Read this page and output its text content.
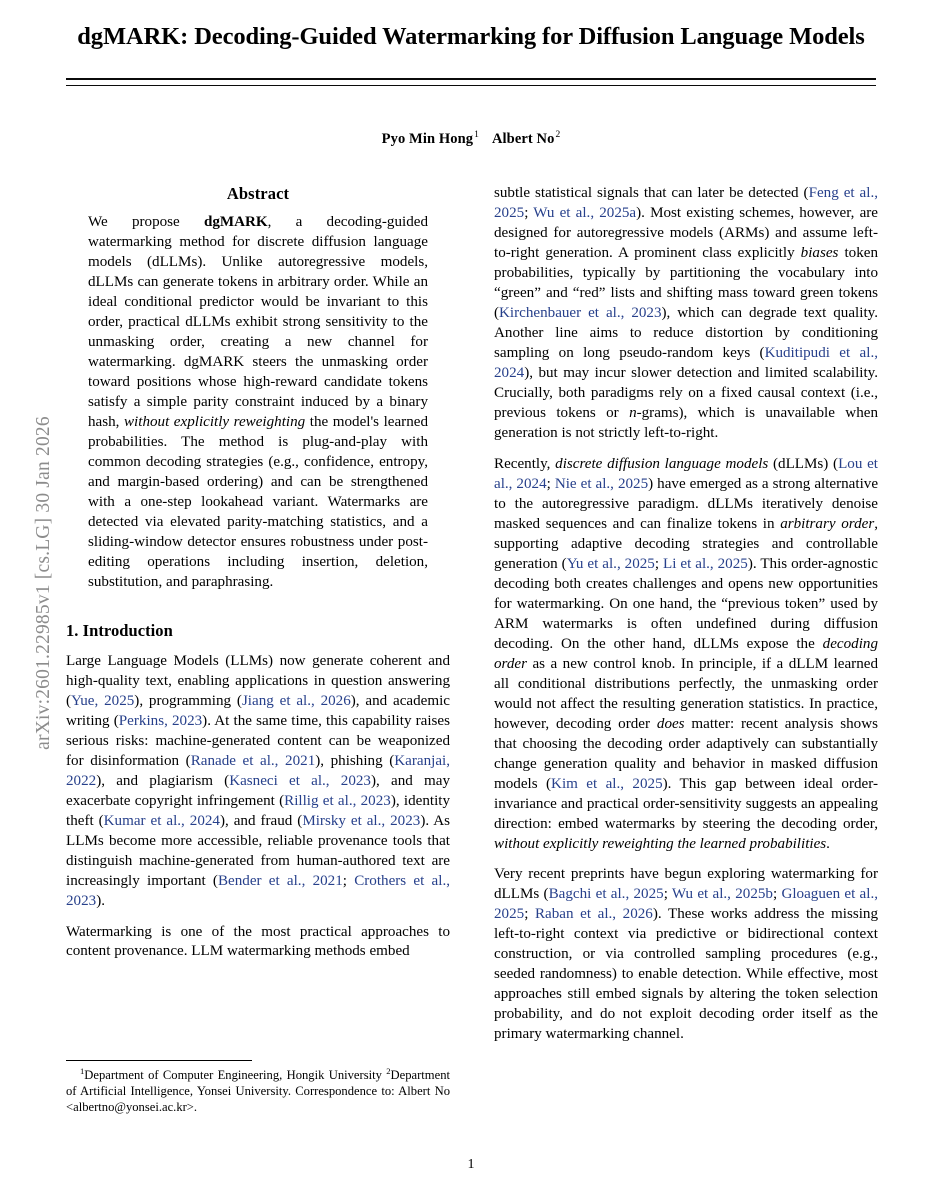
arXiv:2601.22985v1 [cs.LG] 30 Jan 2026
dgMARK: Decoding-Guided Watermarking for Diffusion Language Models
Pyo Min Hong$^1$ Albert No$^2$
Abstract

We propose dgMARK, a decoding-guided watermarking method for discrete diffusion language models (dLLMs). Unlike autoregressive models, dLLMs can generate tokens in arbitrary order. While an ideal conditional predictor would be invariant to this order, practical dLLMs exhibit strong sensitivity to the unmasking order, creating a new channel for watermarking. dgMARK steers the unmasking order toward positions whose high-reward candidate tokens satisfy a simple parity constraint induced by a binary hash, without explicitly reweighting the model's learned probabilities. The method is plug-and-play with common decoding strategies (e.g., confidence, entropy, and margin-based ordering) and can be strengthened with a one-step lookahead variant. Watermarks are detected via elevated parity-matching statistics, and a sliding-window detector ensures robustness under post-editing operations including insertion, deletion, substitution, and paraphrasing.

1. Introduction

Large Language Models (LLMs) now generate coherent and high-quality text, enabling applications in question answering (Yue, 2025), programming (Jiang et al., 2026), and academic writing (Perkins, 2023). At the same time, this capability raises serious risks: machine-generated content can be weaponized for disinformation (Ranade et al., 2021), phishing (Karanjai, 2022), and plagiarism (Kasneci et al., 2023), and may exacerbate copyright infringement (Rillig et al., 2023), identity theft (Kumar et al., 2024), and fraud (Mirsky et al., 2023). As LLMs become more accessible, reliable provenance tools that distinguish machine-generated from human-authored text are increasingly important (Bender et al., 2021; Crothers et al., 2023).

Watermarking is one of the most practical approaches to content provenance. LLM watermarking methods embed

subtle statistical signals that can later be detected (Feng et al., 2025; Wu et al., 2025a). Most existing schemes, however, are designed for autoregressive models (ARMs) and assume left-to-right generation. A prominent class explicitly biases token probabilities, typically by partitioning the vocabulary into “green” and “red” lists and shifting mass toward green tokens (Kirchenbauer et al., 2023), which can degrade text quality. Another line aims to reduce distortion by conditioning sampling on long pseudo-random keys (Kuditipudi et al., 2024), but may incur slower detection and limited scalability. Crucially, both paradigms rely on a fixed causal context (i.e., previous tokens or n-grams), which is unavailable when generation is not strictly left-to-right.

Recently, discrete diffusion language models (dLLMs) (Lou et al., 2024; Nie et al., 2025) have emerged as a strong alternative to the autoregressive paradigm. dLLMs iteratively denoise masked sequences and can finalize tokens in arbitrary order, supporting adaptive decoding strategies and controllable generation (Yu et al., 2025; Li et al., 2025). This order-agnostic decoding both creates challenges and opens new opportunities for watermarking. On one hand, the “previous token” used by ARM watermarks is often undefined during diffusion decoding. On the other hand, dLLMs expose the decoding order as a new control knob. In principle, if a dLLM learned all conditional distributions perfectly, the unmasking order would not affect the resulting generation statistics. In practice, however, decoding order does matter: recent analysis shows that choosing the decoding order adaptively can substantially change generation quality and behavior in masked diffusion models (Kim et al., 2025). This gap between ideal order-invariance and practical order-sensitivity suggests an appealing direction: embed watermarks by steering the decoding order, without explicitly reweighting the learned probabilities.

Very recent preprints have begun exploring watermarking for dLLMs (Bagchi et al., 2025; Wu et al., 2025b; Gloaguen et al., 2025; Raban et al., 2026). These works address the missing left-to-right context via predictive or bidirectional context construction, or via controlled sampling procedures (e.g., seeded randomness) to enable detection. While effective, most approaches still embed signals by altering the token selection probability, and do not exploit decoding order itself as the primary watermarking channel.

$^1$Department of Computer Engineering, Hongik University $^2$Department of Artificial Intelligence, Yonsei University. Correspondence to: Albert No <albertno@yonsei.ac.kr>.

1
